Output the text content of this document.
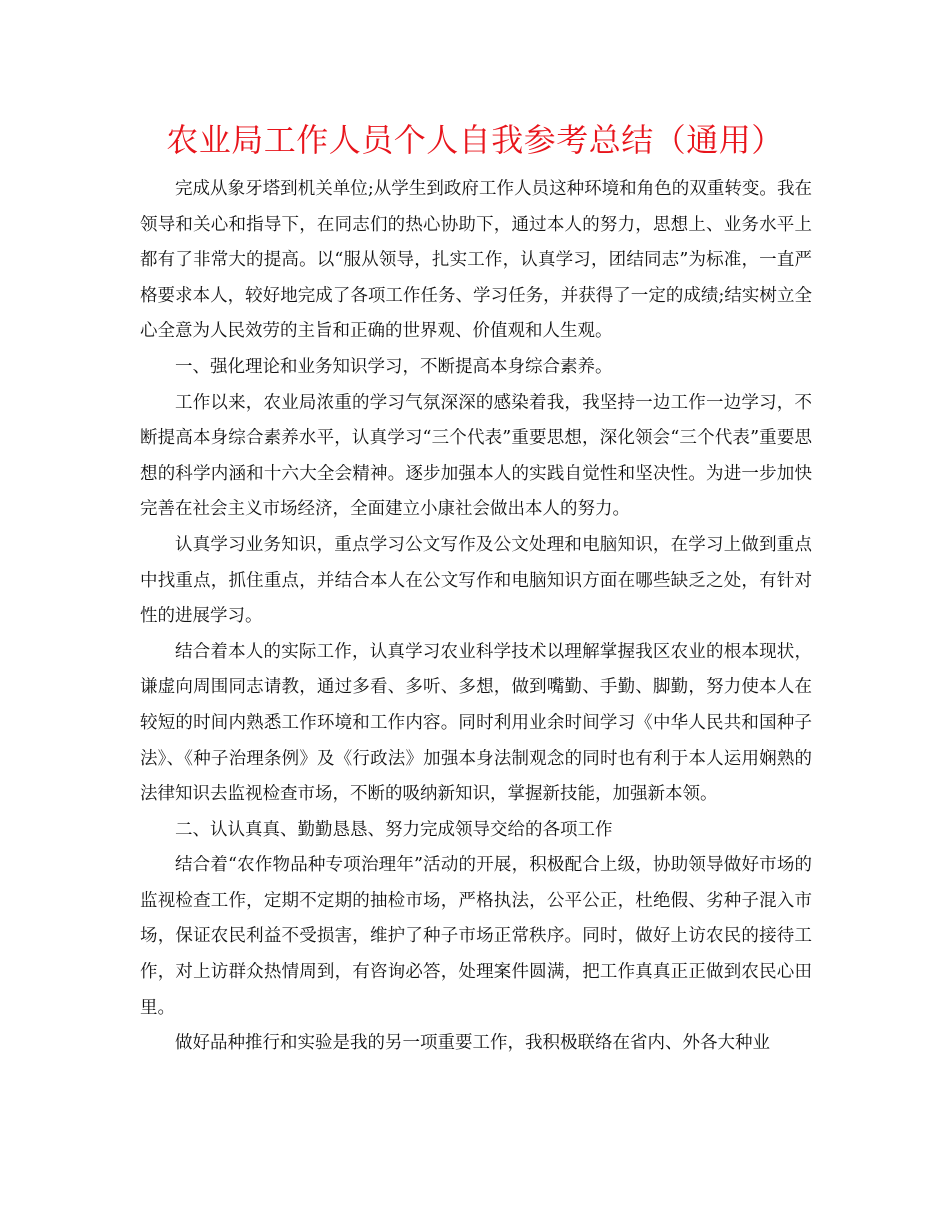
农业局工作人员个人自我参考总结（通用）

完成从象牙塔到机关单位;从学生到政府工作人员这种环境和角色的双重转变。我在领导和关心和指导下，在同志们的热心协助下，通过本人的努力，思想上、业务水平上都有了非常大的提高。以“服从领导，扎实工作，认真学习，团结同志”为标准，一直严格要求本人，较好地完成了各项工作任务、学习任务，并获得了一定的成绩;结实树立全心全意为人民效劳的主旨和正确的世界观、价值观和人生观。

一、强化理论和业务知识学习，不断提高本身综合素养。

工作以来，农业局浓重的学习气氛深深的感染着我，我坚持一边工作一边学习，不断提高本身综合素养水平，认真学习“三个代表”重要思想，深化领会“三个代表”重要思想的科学内涵和十六大全会精神。逐步加强本人的实践自觉性和坚决性。为进一步加快完善在社会主义市场经济，全面建立小康社会做出本人的努力。

认真学习业务知识，重点学习公文写作及公文处理和电脑知识，在学习上做到重点中找重点，抓住重点，并结合本人在公文写作和电脑知识方面在哪些缺乏之处，有针对性的进展学习。

结合着本人的实际工作，认真学习农业科学技术以理解掌握我区农业的根本现状，谦虚向周围同志请教，通过多看、多听、多想，做到嘴勤、手勤、脚勤，努力使本人在较短的时间内熟悉工作环境和工作内容。同时利用业余时间学习《中华人民共和国种子法》、《种子治理条例》及《行政法》加强本身法制观念的同时也有利于本人运用娴熟的法律知识去监视检查市场，不断的吸纳新知识，掌握新技能，加强新本领。

二、认认真真、勤勤恳恳、努力完成领导交给的各项工作

结合着“农作物品种专项治理年”活动的开展，积极配合上级，协助领导做好市场的监视检查工作，定期不定期的抽检市场，严格执法，公平公正，杜绝假、劣种子混入市场，保证农民利益不受损害，维护了种子市场正常秩序。同时，做好上访农民的接待工作，对上访群众热情周到，有咨询必答，处理案件圆满，把工作真真正正做到农民心田里。

做好品种推行和实验是我的另一项重要工作，我积极联络在省内、外各大种业
